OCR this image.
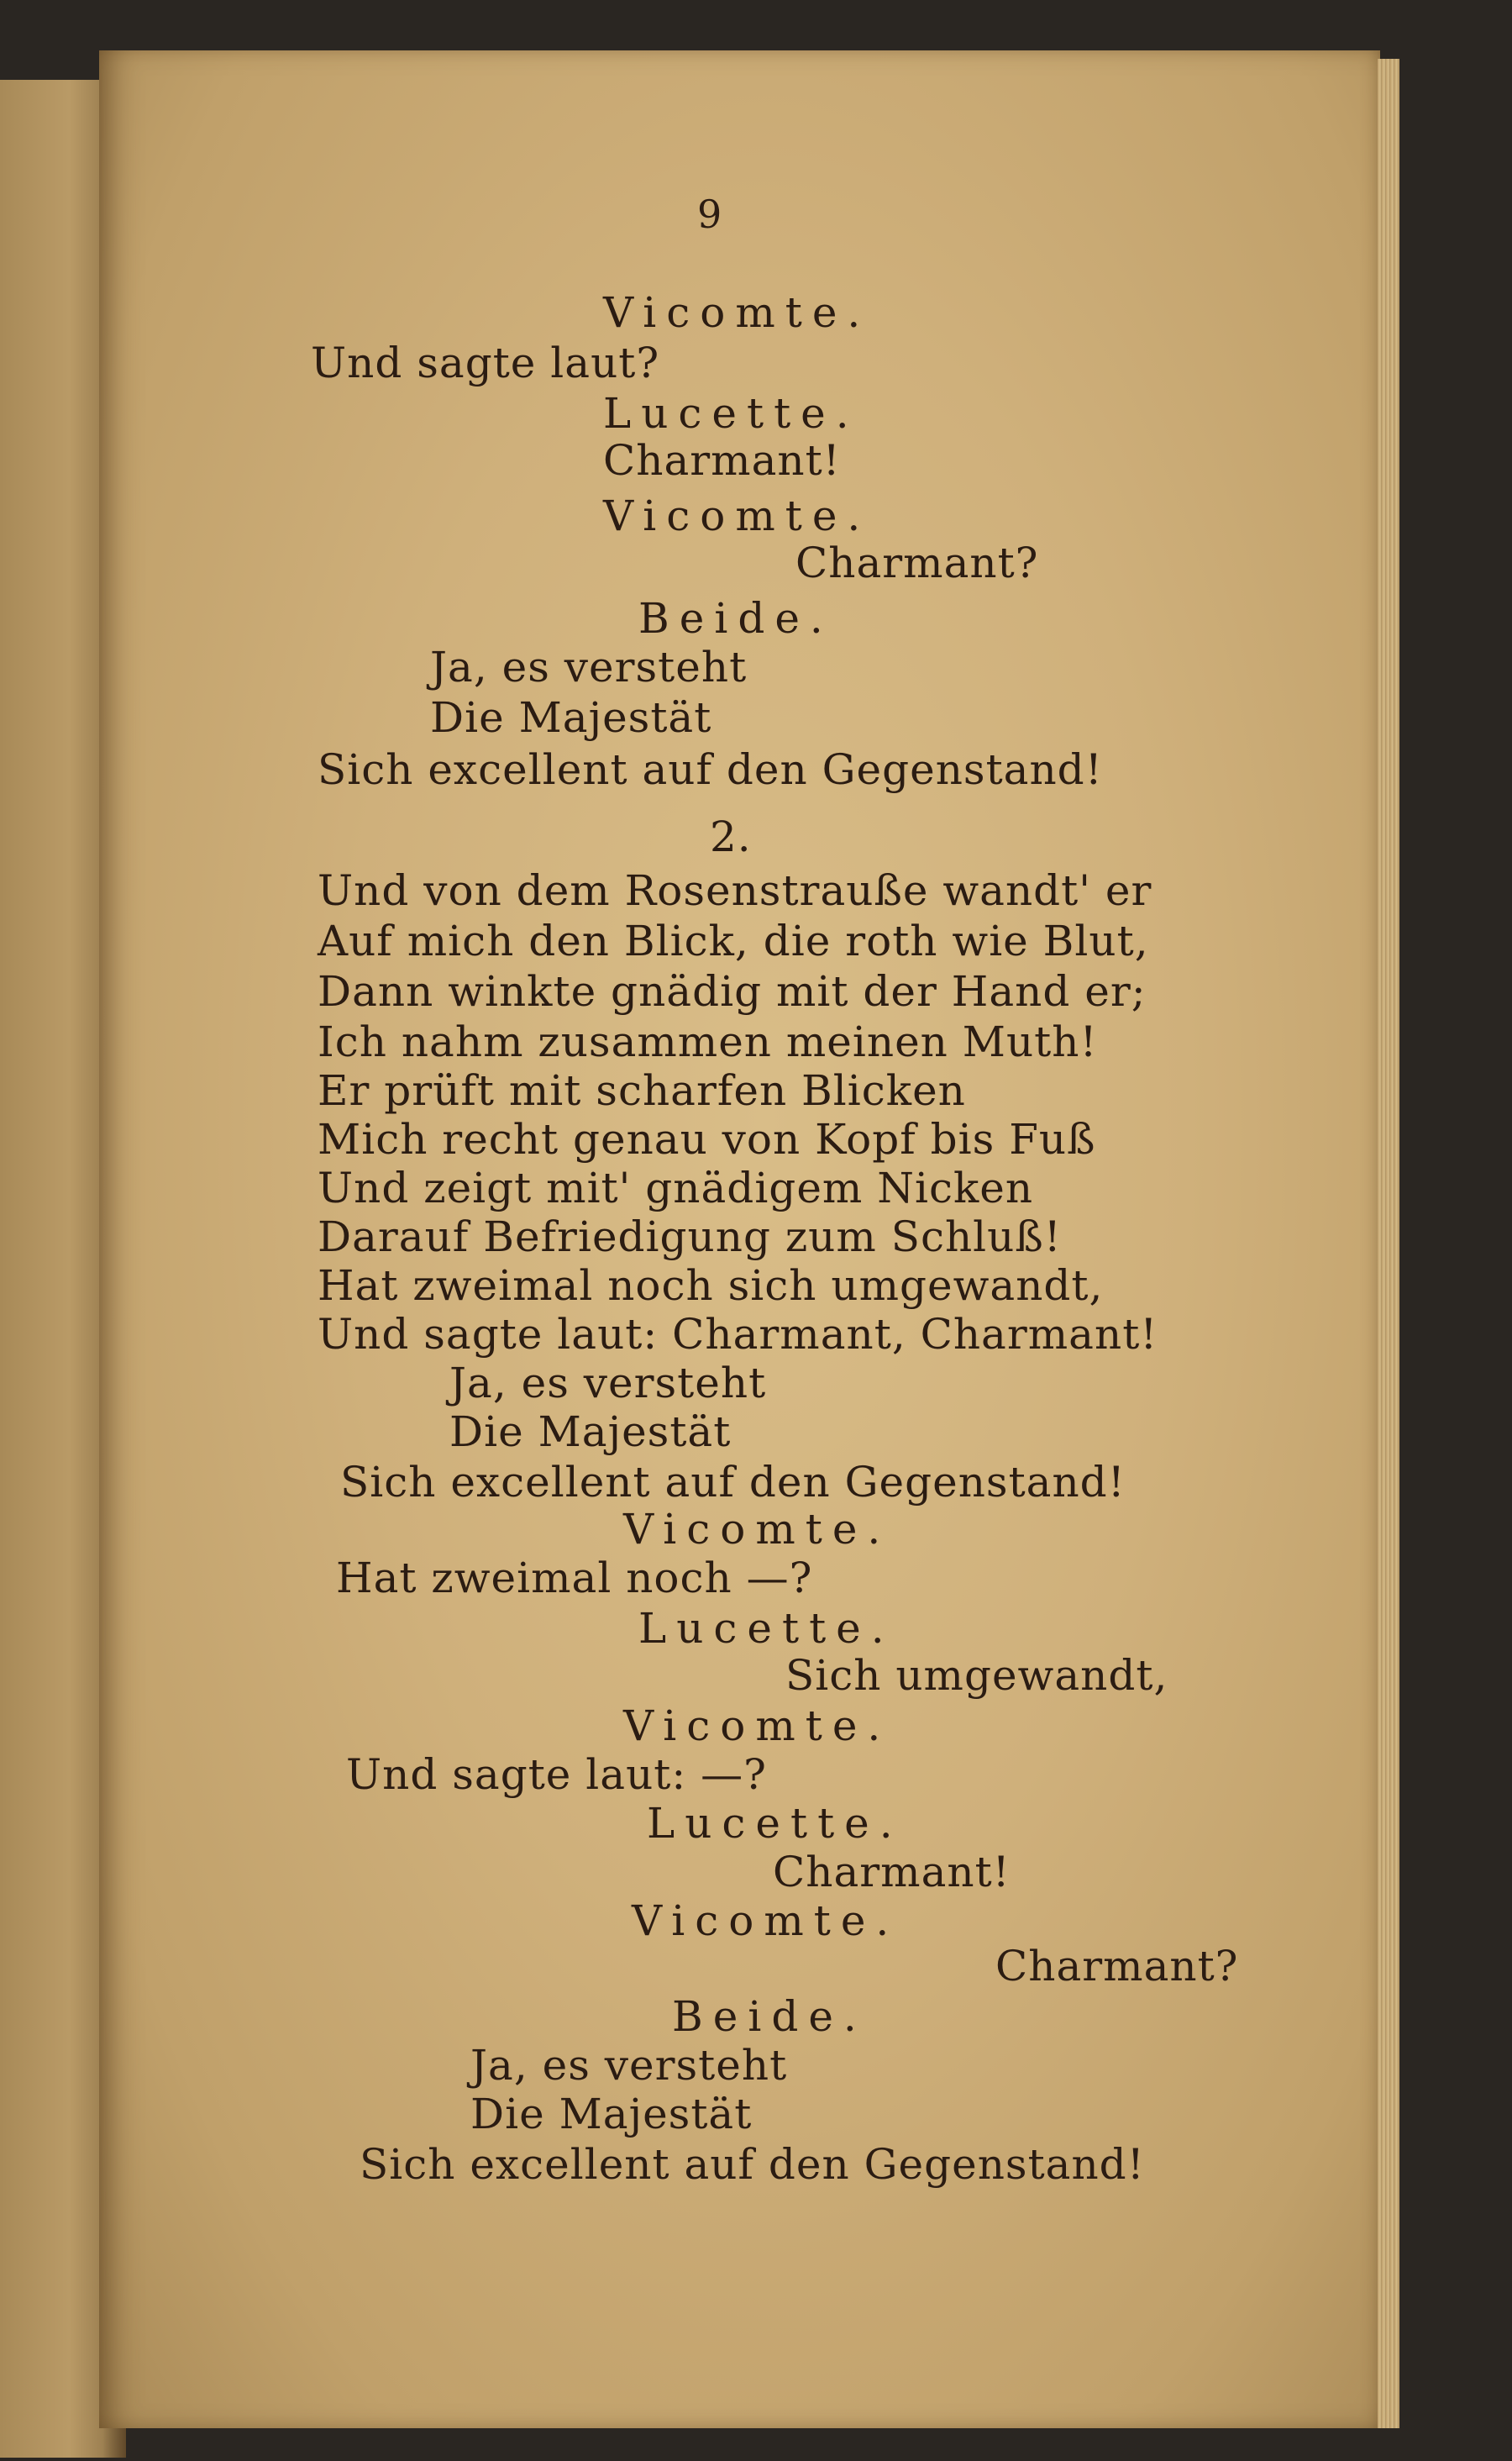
9
Vicomte.
Und sagte laut?
Lucette.
Charmant!
Vicomte.
Charmant?
Beide.
Ja, es versteht
Die Majestät
Sich excellent auf den Gegenstand!
2.
Und von dem Rosenstrauße wandt' er
Auf mich den Blick, die roth wie Blut,
Dann winkte gnädig mit der Hand er;
Ich nahm zusammen meinen Muth!
Er prüft mit scharfen Blicken
Mich recht genau von Kopf bis Fuß
Und zeigt mit' gnädigem Nicken
Darauf Befriedigung zum Schluß!
Hat zweimal noch sich umgewandt,
Und sagte laut: Charmant, Charmant!
Ja, es versteht
Die Majestät
Sich excellent auf den Gegenstand!
Vicomte.
Hat zweimal noch —?
Lucette.
Sich umgewandt,
Vicomte.
Und sagte laut: —?
Lucette.
Charmant!
Vicomte.
Charmant?
Beide.
Ja, es versteht
Die Majestät
Sich excellent auf den Gegenstand!
